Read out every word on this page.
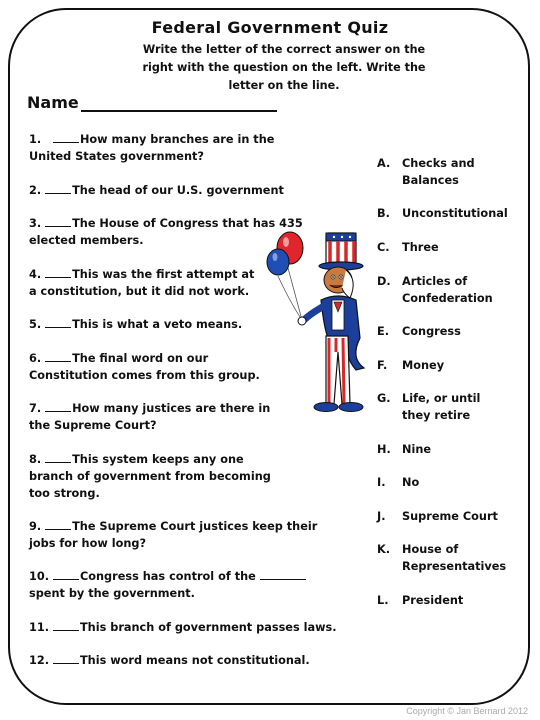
Federal Government Quiz
Write the letter of the correct answer on the
right with the question on the left. Write the
letter on the line.
Name
1.	How many branches are in the
United States government?
2.	The head of our U.S. government
3.	The House of Congress that has 435
elected members.
4.	This was the first attempt at
a constitution, but it did not work.
5.	This is what a veto means.
6.	The final word on our
Constitution comes from this group.
7.	How many justices are there in
the Supreme Court?
8.	This system keeps any one
branch of government from becoming
too strong.
9.	The Supreme Court justices keep their
jobs for how long?
10.	Congress has control of the
spent by the government.
11.	This branch of government passes laws.
12.	This word means not constitutional.
A. Checks and
Balances
B. Unconstitutional
C. Three
D. Articles of
Confederation
E. Congress
F. Money
G. Life, or until
they retire
H. Nine
I. No
J. Supreme Court
K. House of
Representatives
L. President
Copyright © Jan Bernard 2012
